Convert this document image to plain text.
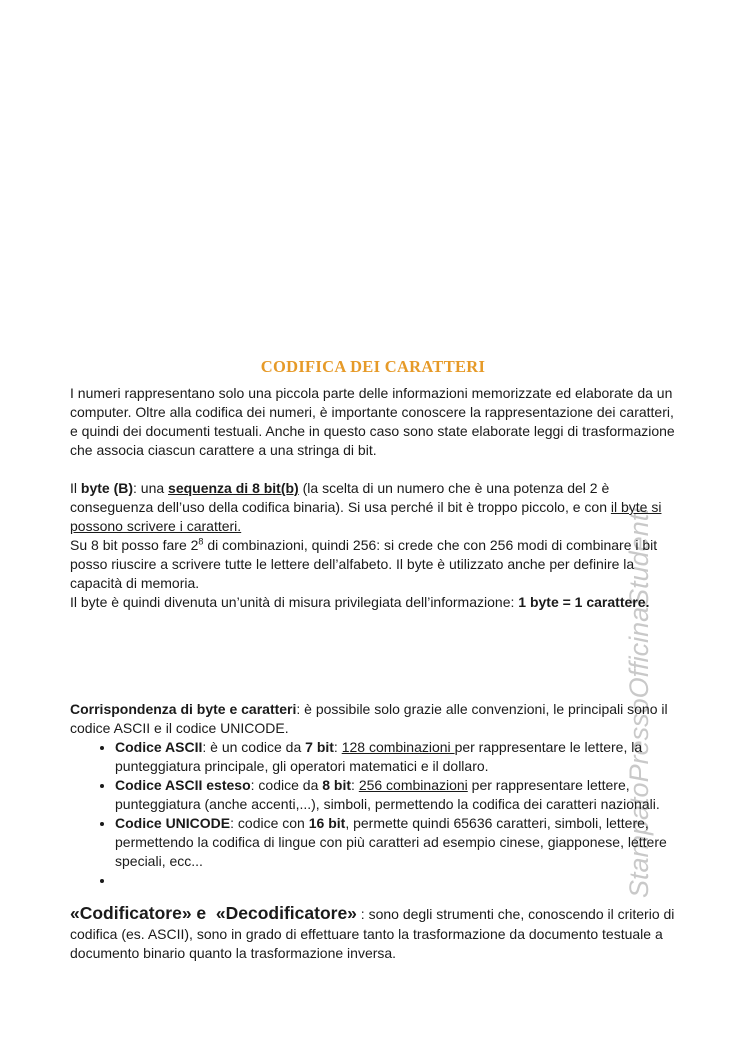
StampatoPressoOfficinaStudenti
CODIFICA DEI CARATTERI

I numeri rappresentano solo una piccola parte delle informazioni memorizzate ed elaborate da un computer. Oltre alla codifica dei numeri, è importante conoscere la rappresentazione dei caratteri, e quindi dei documenti testuali. Anche in questo caso sono state elaborate leggi di trasformazione che associa ciascun carattere a una stringa di bit.

Il byte (B): una sequenza di 8 bit(b) (la scelta di un numero che è una potenza del 2 è conseguenza dell’uso della codifica binaria). Si usa perché il bit è troppo piccolo, e con il byte si possono scrivere i caratteri.

Su 8 bit posso fare $2^8$ di combinazioni, quindi 256: si crede che con 256 modi di combinare i bit posso riuscire a scrivere tutte le lettere dell’alfabeto. Il byte è utilizzato anche per definire la capacità di memoria.

Il byte è quindi divenuta un’unità di misura privilegiata dell’informazione: 1 byte = 1 carattere.

Corrispondenza di byte e caratteri: è possibile solo grazie alle convenzioni, le principali sono il codice ASCII e il codice UNICODE.

• Codice ASCII: è un codice da 7 bit: 128 combinazioni per rappresentare le lettere, la punteggiatura principale, gli operatori matematici e il dollaro.
• Codice ASCII esteso: codice da 8 bit: 256 combinazioni per rappresentare lettere, punteggiatura (anche accenti,...), simboli, permettendo la codifica dei caratteri nazionali.
• Codice UNICODE: codice con 16 bit, permette quindi 65636 caratteri, simboli, lettere, permettendo la codifica di lingue con più caratteri ad esempio cinese, giapponese, lettere speciali, ecc...
•

«Codificatore» e  «Decodificatore» : sono degli strumenti che, conoscendo il criterio di codifica (es. ASCII), sono in grado di effettuare tanto la trasformazione da documento testuale a documento binario quanto la trasformazione inversa.
